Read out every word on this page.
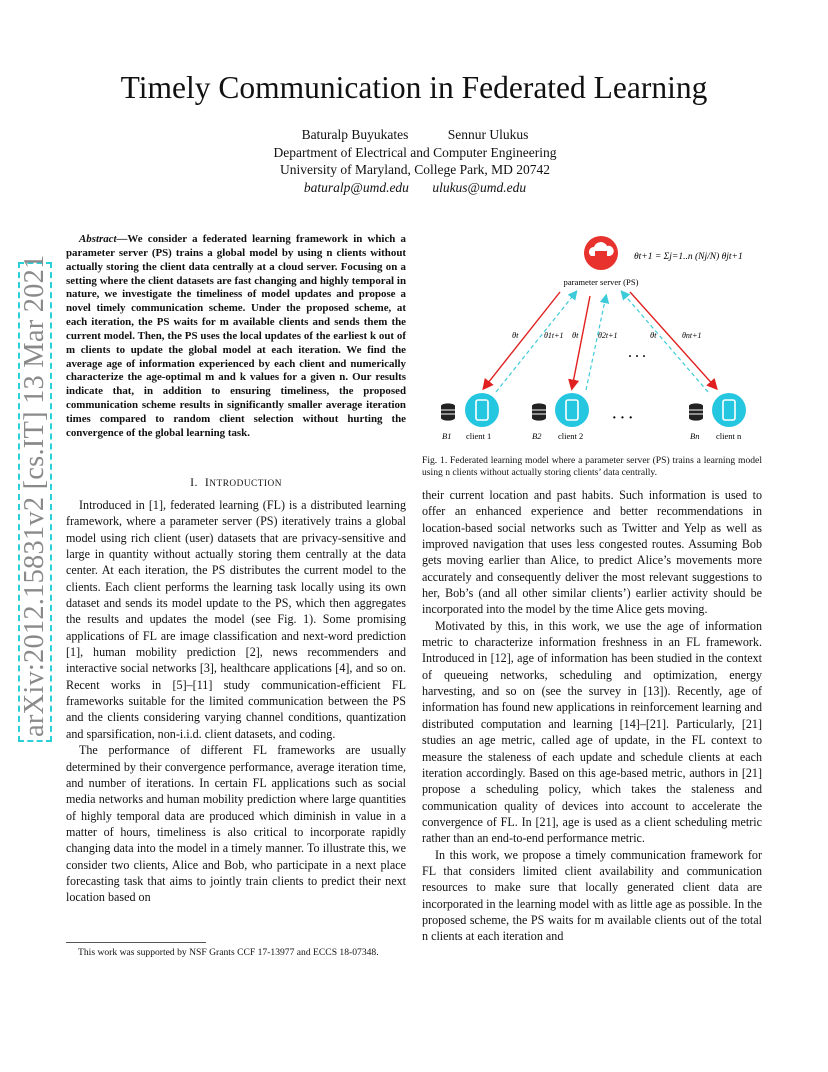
arXiv:2012.15831v2 [cs.IT] 13 Mar 2021
Timely Communication in Federated Learning
Baturalp Buyukates	Sennur Ulukus
Department of Electrical and Computer Engineering
University of Maryland, College Park, MD 20742
baturalp@umd.edu ulukus@umd.edu
Abstract—We consider a federated learning framework in which a parameter server (PS) trains a global model by using n clients without actually storing the client data centrally at a cloud server. Focusing on a setting where the client datasets are fast changing and highly temporal in nature, we investigate the timeliness of model updates and propose a novel timely communication scheme. Under the proposed scheme, at each iteration, the PS waits for m available clients and sends them the current model. Then, the PS uses the local updates of the earliest k out of m clients to update the global model at each iteration. We find the average age of information experienced by each client and numerically characterize the age-optimal m and k values for a given n. Our results indicate that, in addition to ensuring timeliness, the proposed communication scheme results in significantly smaller average iteration times compared to random client selection without hurting the convergence of the global learning task.
I. INTRODUCTION

Introduced in [1], federated learning (FL) is a distributed learning framework, where a parameter server (PS) iteratively trains a global model using rich client (user) datasets that are privacy-sensitive and large in quantity without actually storing them centrally at the data center. At each iteration, the PS distributes the current model to the clients. Each client performs the learning task locally using its own dataset and sends its model update to the PS, which then aggregates the results and updates the model (see Fig. 1). Some promising applications of FL are image classification and next-word prediction [1], human mobility prediction [2], news recommenders and interactive social networks [3], healthcare applications [4], and so on. Recent works in [5]–[11] study communication-efficient FL frameworks suitable for the limited communication between the PS and the clients considering varying channel conditions, quantization and sparsification, non-i.i.d. client datasets, and coding.

The performance of different FL frameworks are usually determined by their convergence performance, average iteration time, and number of iterations. In certain FL applications such as social media networks and human mobility prediction where large quantities of highly temporal data are produced which diminish in value in a matter of hours, timeliness is also critical to incorporate rapidly changing data into the model in a timely manner. To illustrate this, we consider two clients, Alice and Bob, who participate in a next place forecasting task that aims to jointly train clients to predict their next location based on

This work was supported by NSF Grants CCF 17-13977 and ECCS 18-07348.
θt+1 = Σj=1..n (Nj/N) θjt+1
parameter server (PS)
θt	θ1t+1 θt θ2t+1	θt	θnt+1
· · ·
B1 client 1	B2 client 2
· · ·
Bn client n
Fig. 1. Federated learning model where a parameter server (PS) trains a learning model using n clients without actually storing clients’ data centrally.

their current location and past habits. Such information is used to offer an enhanced experience and better recommendations in location-based social networks such as Twitter and Yelp as well as improved navigation that uses less congested routes. Assuming Bob gets moving earlier than Alice, to predict Alice’s movements more accurately and consequently deliver the most relevant suggestions to her, Bob’s (and all other similar clients’) earlier activity should be incorporated into the model by the time Alice gets moving.

Motivated by this, in this work, we use the age of information metric to characterize information freshness in an FL framework. Introduced in [12], age of information has been studied in the context of queueing networks, scheduling and optimization, energy harvesting, and so on (see the survey in [13]). Recently, age of information has found new applications in reinforcement learning and distributed computation and learning [14]–[21]. Particularly, [21] studies an age metric, called age of update, in the FL context to measure the staleness of each update and schedule clients at each iteration accordingly. Based on this age-based metric, authors in [21] propose a scheduling policy, which takes the staleness and communication quality of devices into account to accelerate the convergence of FL. In [21], age is used as a client scheduling metric rather than an end-to-end performance metric.

In this work, we propose a timely communication framework for FL that considers limited client availability and communication resources to make sure that locally generated client data are incorporated in the learning model with as little age as possible. In the proposed scheme, the PS waits for m available clients out of the total n clients at each iteration and
